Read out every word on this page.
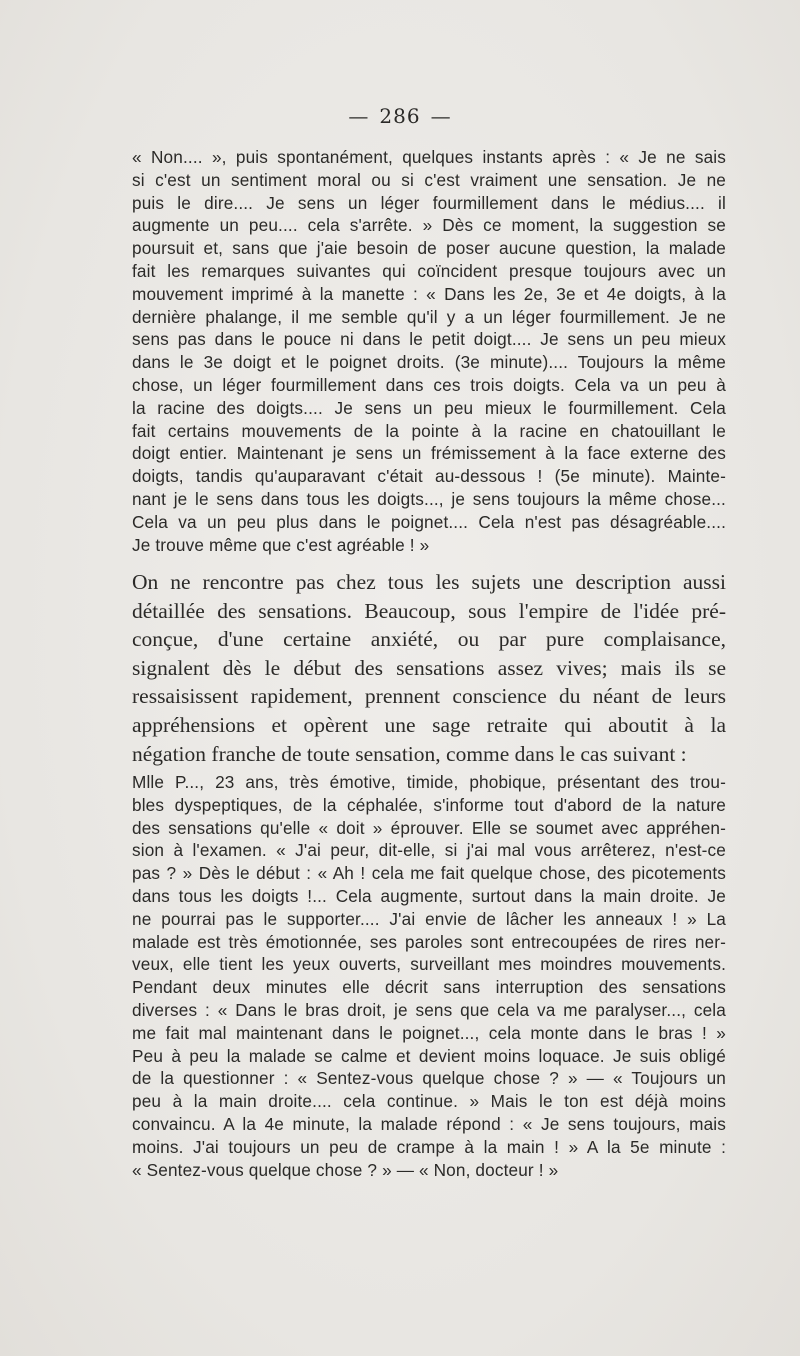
— 286 —
« Non.... », puis spontanément, quelques instants après : « Je ne sais
si c'est un sentiment moral ou si c'est vraiment une sensation. Je ne
puis le dire.... Je sens un léger fourmillement dans le médius.... il
augmente un peu.... cela s'arrête. » Dès ce moment, la suggestion se
poursuit et, sans que j'aie besoin de poser aucune question, la malade
fait les remarques suivantes qui coïncident presque toujours avec un
mouvement imprimé à la manette : « Dans les 2e, 3e et 4e doigts, à la
dernière phalange, il me semble qu'il y a un léger fourmillement. Je ne
sens pas dans le pouce ni dans le petit doigt.... Je sens un peu mieux
dans le 3e doigt et le poignet droits. (3e minute).... Toujours la même
chose, un léger fourmillement dans ces trois doigts. Cela va un peu à
la racine des doigts.... Je sens un peu mieux le fourmillement. Cela
fait certains mouvements de la pointe à la racine en chatouillant le
doigt entier. Maintenant je sens un frémissement à la face externe des
doigts, tandis qu'auparavant c'était au-dessous ! (5e minute). Mainte-
nant je le sens dans tous les doigts..., je sens toujours la même chose...
Cela va un peu plus dans le poignet.... Cela n'est pas désagréable....
Je trouve même que c'est agréable ! »
On ne rencontre pas chez tous les sujets une description aussi
détaillée des sensations. Beaucoup, sous l'empire de l'idée pré-
conçue, d'une certaine anxiété, ou par pure complaisance,
signalent dès le début des sensations assez vives; mais ils se
ressaisissent rapidement, prennent conscience du néant de leurs
appréhensions et opèrent une sage retraite qui aboutit à la
négation franche de toute sensation, comme dans le cas suivant :
Mlle P..., 23 ans, très émotive, timide, phobique, présentant des trou-
bles dyspeptiques, de la céphalée, s'informe tout d'abord de la nature
des sensations qu'elle « doit » éprouver. Elle se soumet avec appréhen-
sion à l'examen. « J'ai peur, dit-elle, si j'ai mal vous arrêterez, n'est-ce
pas ? » Dès le début : « Ah ! cela me fait quelque chose, des picotements
dans tous les doigts !... Cela augmente, surtout dans la main droite. Je
ne pourrai pas le supporter.... J'ai envie de lâcher les anneaux ! » La
malade est très émotionnée, ses paroles sont entrecoupées de rires ner-
veux, elle tient les yeux ouverts, surveillant mes moindres mouvements.
Pendant deux minutes elle décrit sans interruption des sensations
diverses : « Dans le bras droit, je sens que cela va me paralyser..., cela
me fait mal maintenant dans le poignet..., cela monte dans le bras ! »
Peu à peu la malade se calme et devient moins loquace. Je suis obligé
de la questionner : « Sentez-vous quelque chose ? » — « Toujours un
peu à la main droite.... cela continue. » Mais le ton est déjà moins
convaincu. A la 4e minute, la malade répond : « Je sens toujours, mais
moins. J'ai toujours un peu de crampe à la main ! » A la 5e minute :
« Sentez-vous quelque chose ? » — « Non, docteur ! »
